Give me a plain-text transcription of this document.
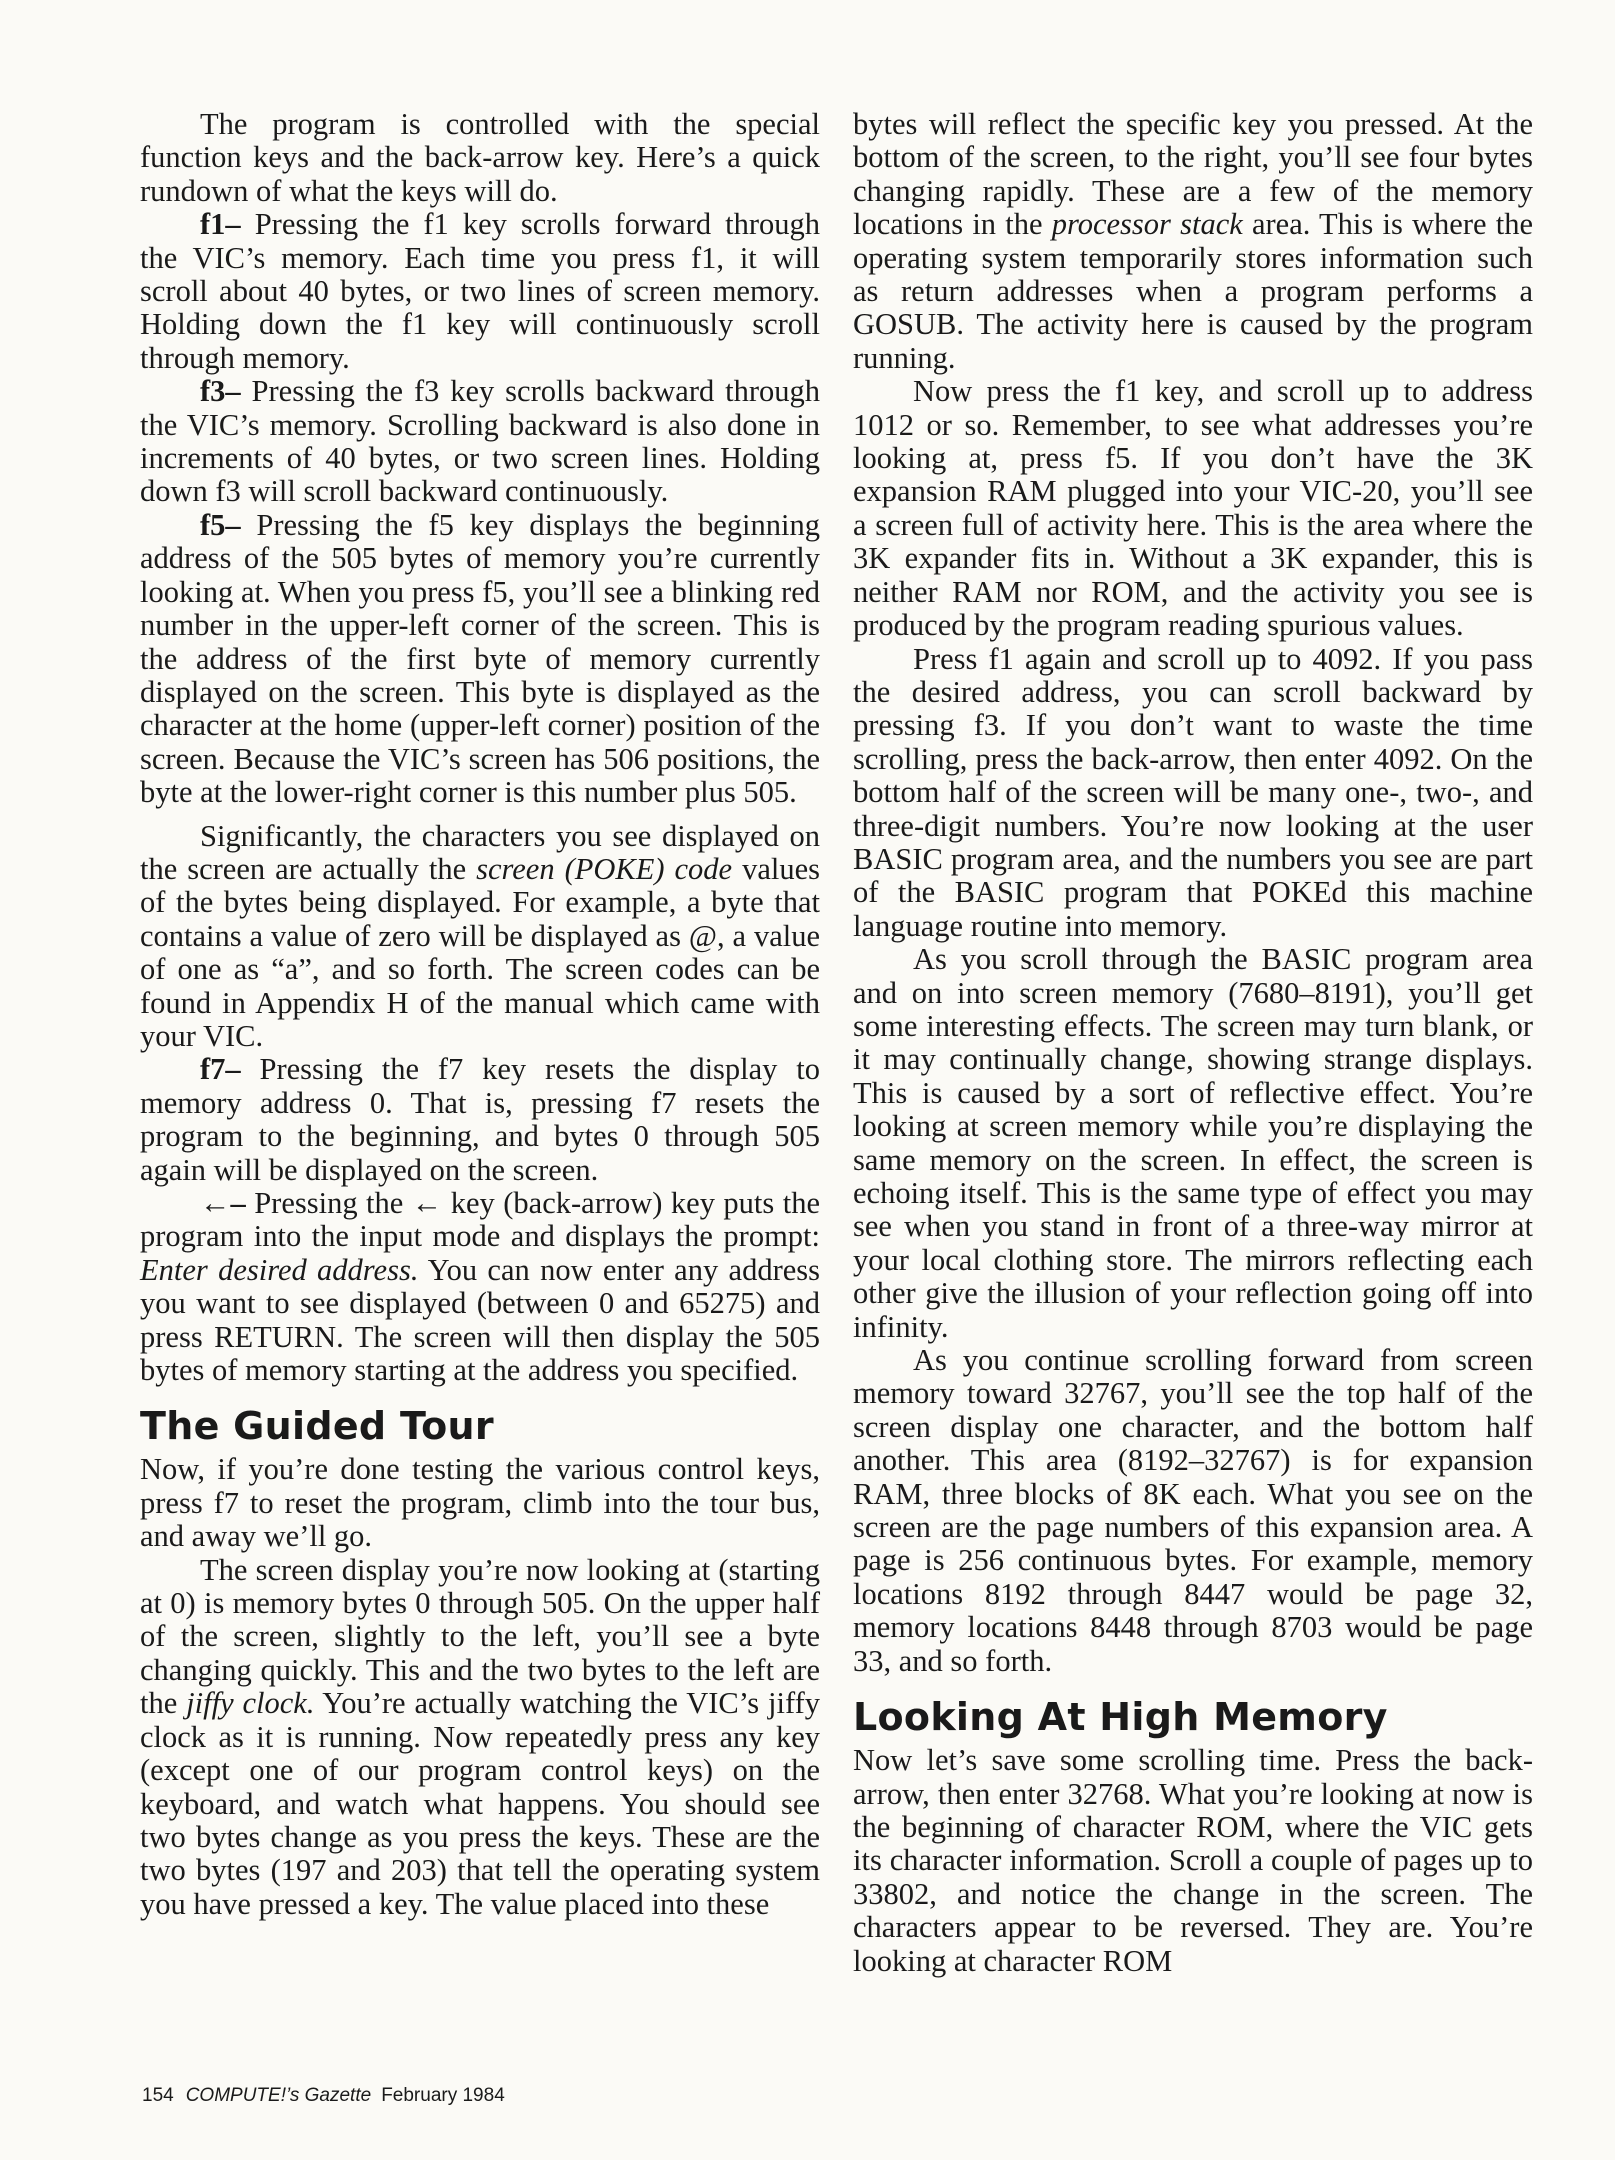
The program is controlled with the special function keys and the back-arrow key. Here’s a quick rundown of what the keys will do.

f1– Pressing the f1 key scrolls forward through the VIC’s memory. Each time you press f1, it will scroll about 40 bytes, or two lines of screen memory. Holding down the f1 key will continuously scroll through memory.

f3– Pressing the f3 key scrolls backward through the VIC’s memory. Scrolling backward is also done in increments of 40 bytes, or two screen lines. Holding down f3 will scroll backward continuously.

f5– Pressing the f5 key displays the beginning address of the 505 bytes of memory you’re currently looking at. When you press f5, you’ll see a blinking red number in the upper-left corner of the screen. This is the address of the first byte of memory currently displayed on the screen. This byte is displayed as the character at the home (upper-left corner) position of the screen. Because the VIC’s screen has 506 positions, the byte at the lower-right corner is this number plus 505.

Significantly, the characters you see displayed on the screen are actually the screen (POKE) code values of the bytes being displayed. For example, a byte that contains a value of zero will be displayed as @, a value of one as “a”, and so forth. The screen codes can be found in Appendix H of the manual which came with your VIC.

f7– Pressing the f7 key resets the display to memory address 0. That is, pressing f7 resets the program to the beginning, and bytes 0 through 505 again will be displayed on the screen.

←– Pressing the ← key (back-arrow) key puts the program into the input mode and displays the prompt: Enter desired address. You can now enter any address you want to see displayed (between 0 and 65275) and press RETURN. The screen will then display the 505 bytes of memory starting at the address you specified.

The Guided Tour

Now, if you’re done testing the various control keys, press f7 to reset the program, climb into the tour bus, and away we’ll go.

The screen display you’re now looking at (starting at 0) is memory bytes 0 through 505. On the upper half of the screen, slightly to the left, you’ll see a byte changing quickly. This and the two bytes to the left are the jiffy clock. You’re actually watching the VIC’s jiffy clock as it is running. Now repeatedly press any key (except one of our program control keys) on the keyboard, and watch what happens. You should see two bytes change as you press the keys. These are the two bytes (197 and 203) that tell the operating system you have pressed a key. The value placed into these

bytes will reflect the specific key you pressed. At the bottom of the screen, to the right, you’ll see four bytes changing rapidly. These are a few of the memory locations in the processor stack area. This is where the operating system temporarily stores information such as return addresses when a program performs a GOSUB. The activity here is caused by the program running.

Now press the f1 key, and scroll up to address 1012 or so. Remember, to see what addresses you’re looking at, press f5. If you don’t have the 3K expansion RAM plugged into your VIC-20, you’ll see a screen full of activity here. This is the area where the 3K expander fits in. Without a 3K expander, this is neither RAM nor ROM, and the activity you see is produced by the program reading spurious values.

Press f1 again and scroll up to 4092. If you pass the desired address, you can scroll backward by pressing f3. If you don’t want to waste the time scrolling, press the back-arrow, then enter 4092. On the bottom half of the screen will be many one-, two-, and three-digit numbers. You’re now looking at the user BASIC program area, and the numbers you see are part of the BASIC program that POKEd this machine language routine into memory.

As you scroll through the BASIC program area and on into screen memory (7680–8191), you’ll get some interesting effects. The screen may turn blank, or it may continually change, showing strange displays. This is caused by a sort of reflective effect. You’re looking at screen memory while you’re displaying the same memory on the screen. In effect, the screen is echoing itself. This is the same type of effect you may see when you stand in front of a three-way mirror at your local clothing store. The mirrors reflecting each other give the illusion of your reflection going off into infinity.

As you continue scrolling forward from screen memory toward 32767, you’ll see the top half of the screen display one character, and the bottom half another. This area (8192–32767) is for expansion RAM, three blocks of 8K each. What you see on the screen are the page numbers of this expansion area. A page is 256 continuous bytes. For example, memory locations 8192 through 8447 would be page 32, memory locations 8448 through 8703 would be page 33, and so forth.

Looking At High Memory

Now let’s save some scrolling time. Press the back-arrow, then enter 32768. What you’re looking at now is the beginning of character ROM, where the VIC gets its character information. Scroll a couple of pages up to 33802, and notice the change in the screen. The characters appear to be reversed. They are. You’re looking at character ROM

154 COMPUTE!’s Gazette February 1984
